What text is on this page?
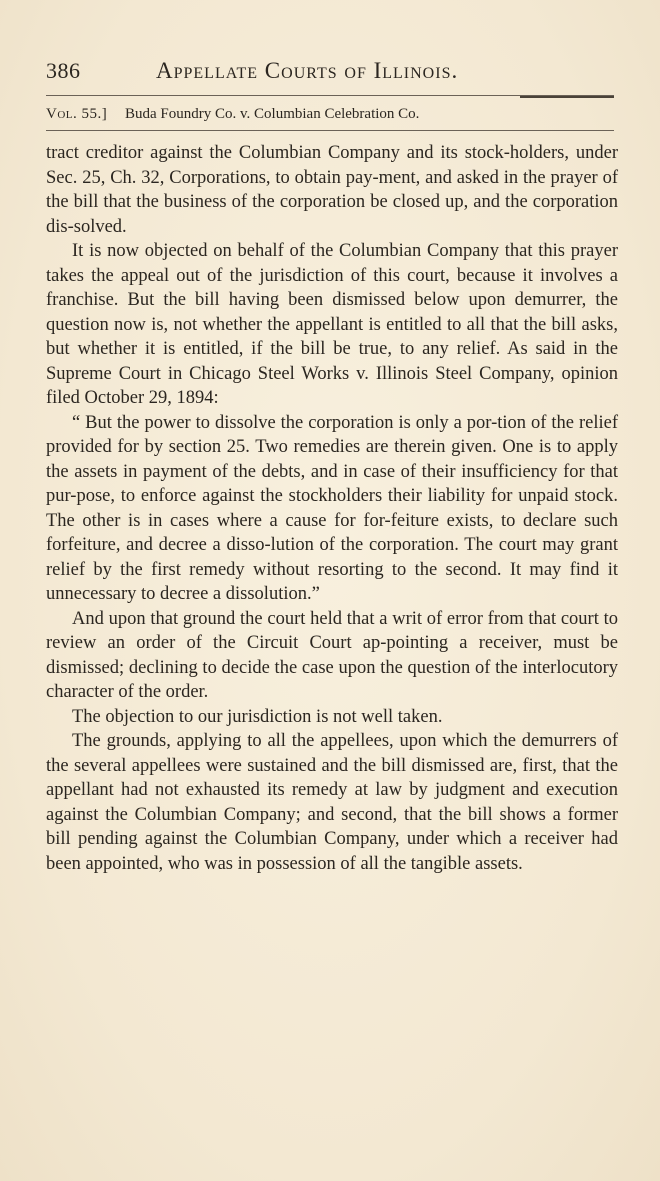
386	Appellate Courts of Illinois.
Vol. 55.] Buda Foundry Co. v. Columbian Celebration Co.

tract creditor against the Columbian Company and its stock-holders, under Sec. 25, Ch. 32, Corporations, to obtain pay-ment, and asked in the prayer of the bill that the business of the corporation be closed up, and the corporation dis-solved.

It is now objected on behalf of the Columbian Company that this prayer takes the appeal out of the jurisdiction of this court, because it involves a franchise. But the bill having been dismissed below upon demurrer, the question now is, not whether the appellant is entitled to all that the bill asks, but whether it is entitled, if the bill be true, to any relief. As said in the Supreme Court in Chicago Steel Works v. Illinois Steel Company, opinion filed October 29, 1894:

“ But the power to dissolve the corporation is only a por-tion of the relief provided for by section 25. Two remedies are therein given. One is to apply the assets in payment of the debts, and in case of their insufficiency for that pur-pose, to enforce against the stockholders their liability for unpaid stock. The other is in cases where a cause for for-feiture exists, to declare such forfeiture, and decree a disso-lution of the corporation. The court may grant relief by the first remedy without resorting to the second. It may find it unnecessary to decree a dissolution.”

And upon that ground the court held that a writ of error from that court to review an order of the Circuit Court ap-pointing a receiver, must be dismissed; declining to decide the case upon the question of the interlocutory character of the order.

The objection to our jurisdiction is not well taken.

The grounds, applying to all the appellees, upon which the demurrers of the several appellees were sustained and the bill dismissed are, first, that the appellant had not exhausted its remedy at law by judgment and execution against the Columbian Company; and second, that the bill shows a former bill pending against the Columbian Company, under which a receiver had been appointed, who was in possession of all the tangible assets.
